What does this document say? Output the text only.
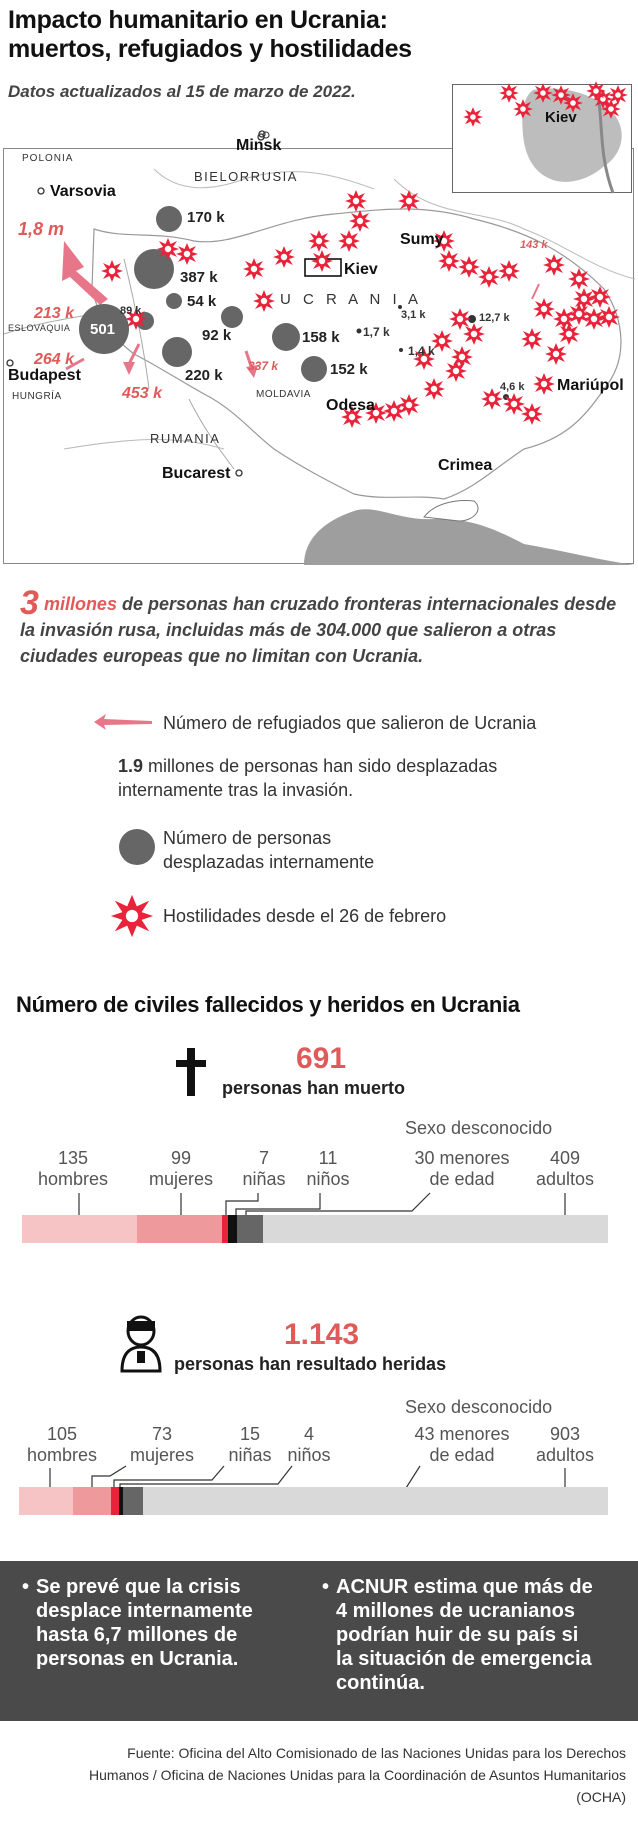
Impacto humanitario en Ucrania: muertos, refugiados y hostilidades
Datos actualizados al 15 de marzo de 2022.
POLONIA
BIELORRUSIA
U C R A N I A
ESLOVAQUIA
HUNGRÍA	MOLDAVIA
RUMANIA
Minsk
Varsovia
Sumy
Kiev
Budapest
Odesa
Mariúpol
Crimea
Bucarest	Mar Negro
170 k
387 k
54 k
89 k
501	92 k
220 k
158 k
152 k
1,7 k
3,1 k	12,7 k
1,4 k
4,6 k
1,8 m
143 k
213 k
264 k
453 k
337 k
Kiev
3 millones de personas han cruzado fronteras internacionales desde la invasión rusa, incluidas más de 304.000 que salieron a otras ciudades europeas que no limitan con Ucrania.
Número de refugiados que salieron de Ucrania
1.9 millones de personas han sido desplazadas internamente tras la invasión.
Número de personas desplazadas internamente
Hostilidades desde el 26 de febrero
Número de civiles fallecidos y heridos en Ucrania
691
personas han muerto
Sexo desconocido
135
hombres
99
mujeres
7
niñas
11
niños
30 menores
de edad
409
adultos
1.143
personas han resultado heridas
Sexo desconocido
105
hombres
73
mujeres
15
niñas
4
niños
43 menores
de edad
903
adultos
• Se prevé que la crisis desplace internamente hasta 6,7 millones de personas en Ucrania.
• ACNUR estima que más de 4 millones de ucranianos podrían huir de su país si la situación de emergencia continúa.
Fuente: Oficina del Alto Comisionado de las Naciones Unidas para los Derechos Humanos / Oficina de Naciones Unidas para la Coordinación de Asuntos Humanitarios (OCHA)
